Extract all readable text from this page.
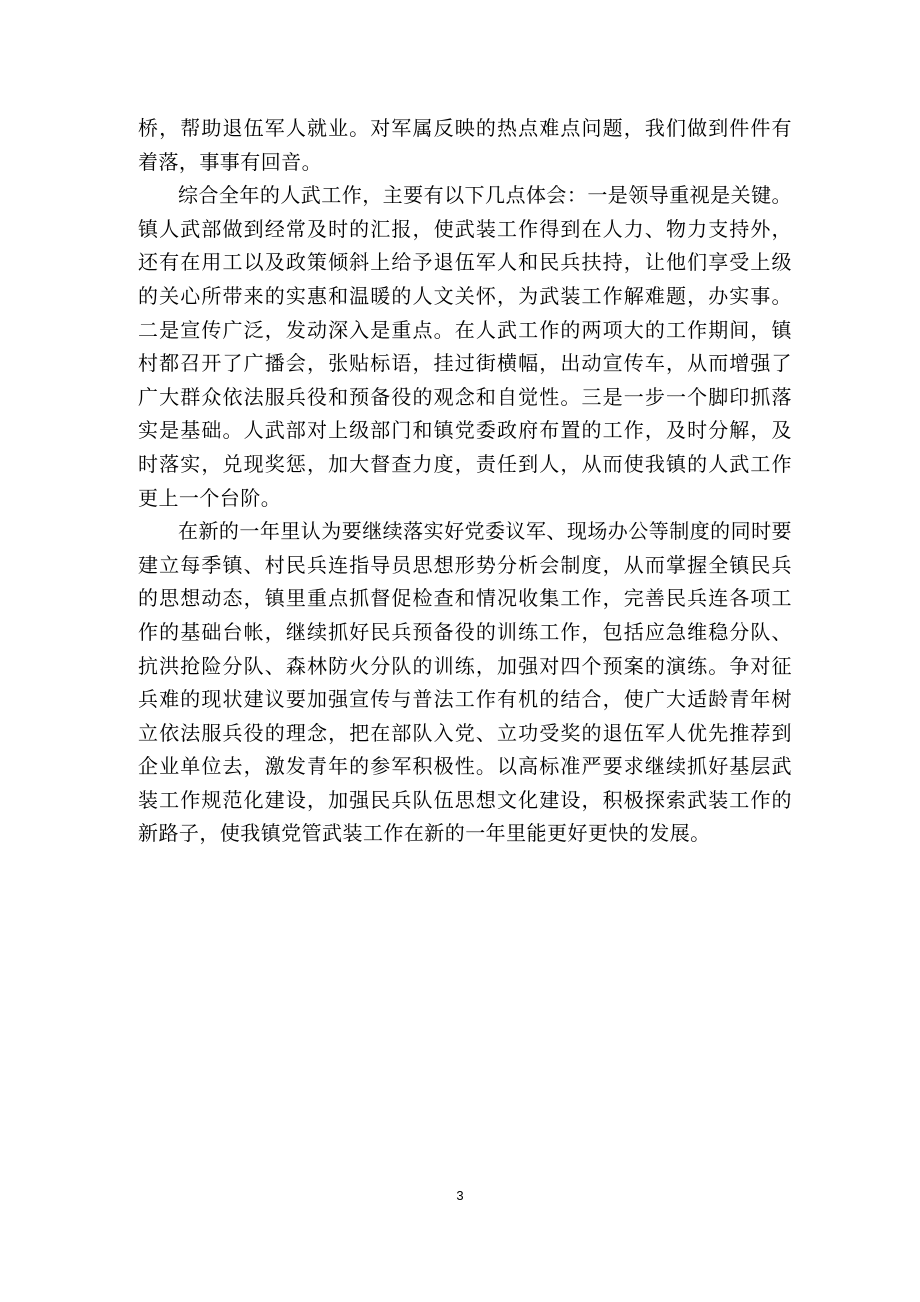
桥，帮助退伍军人就业。对军属反映的热点难点问题，我们做到件件有着落，事事有回音。

综合全年的人武工作，主要有以下几点体会：一是领导重视是关键。镇人武部做到经常及时的汇报，使武装工作得到在人力、物力支持外，还有在用工以及政策倾斜上给予退伍军人和民兵扶持，让他们享受上级的关心所带来的实惠和温暖的人文关怀，为武装工作解难题，办实事。二是宣传广泛，发动深入是重点。在人武工作的两项大的工作期间，镇村都召开了广播会，张贴标语，挂过街横幅，出动宣传车，从而增强了广大群众依法服兵役和预备役的观念和自觉性。三是一步一个脚印抓落实是基础。人武部对上级部门和镇党委政府布置的工作，及时分解，及时落实，兑现奖惩，加大督查力度，责任到人，从而使我镇的人武工作更上一个台阶。

在新的一年里认为要继续落实好党委议军、现场办公等制度的同时要建立每季镇、村民兵连指导员思想形势分析会制度，从而掌握全镇民兵的思想动态，镇里重点抓督促检查和情况收集工作，完善民兵连各项工作的基础台帐，继续抓好民兵预备役的训练工作，包括应急维稳分队、抗洪抢险分队、森林防火分队的训练，加强对四个预案的演练。争对征兵难的现状建议要加强宣传与普法工作有机的结合，使广大适龄青年树立依法服兵役的理念，把在部队入党、立功受奖的退伍军人优先推荐到企业单位去，激发青年的参军积极性。以高标准严要求继续抓好基层武装工作规范化建设，加强民兵队伍思想文化建设，积极探索武装工作的新路子，使我镇党管武装工作在新的一年里能更好更快的发展。

3
